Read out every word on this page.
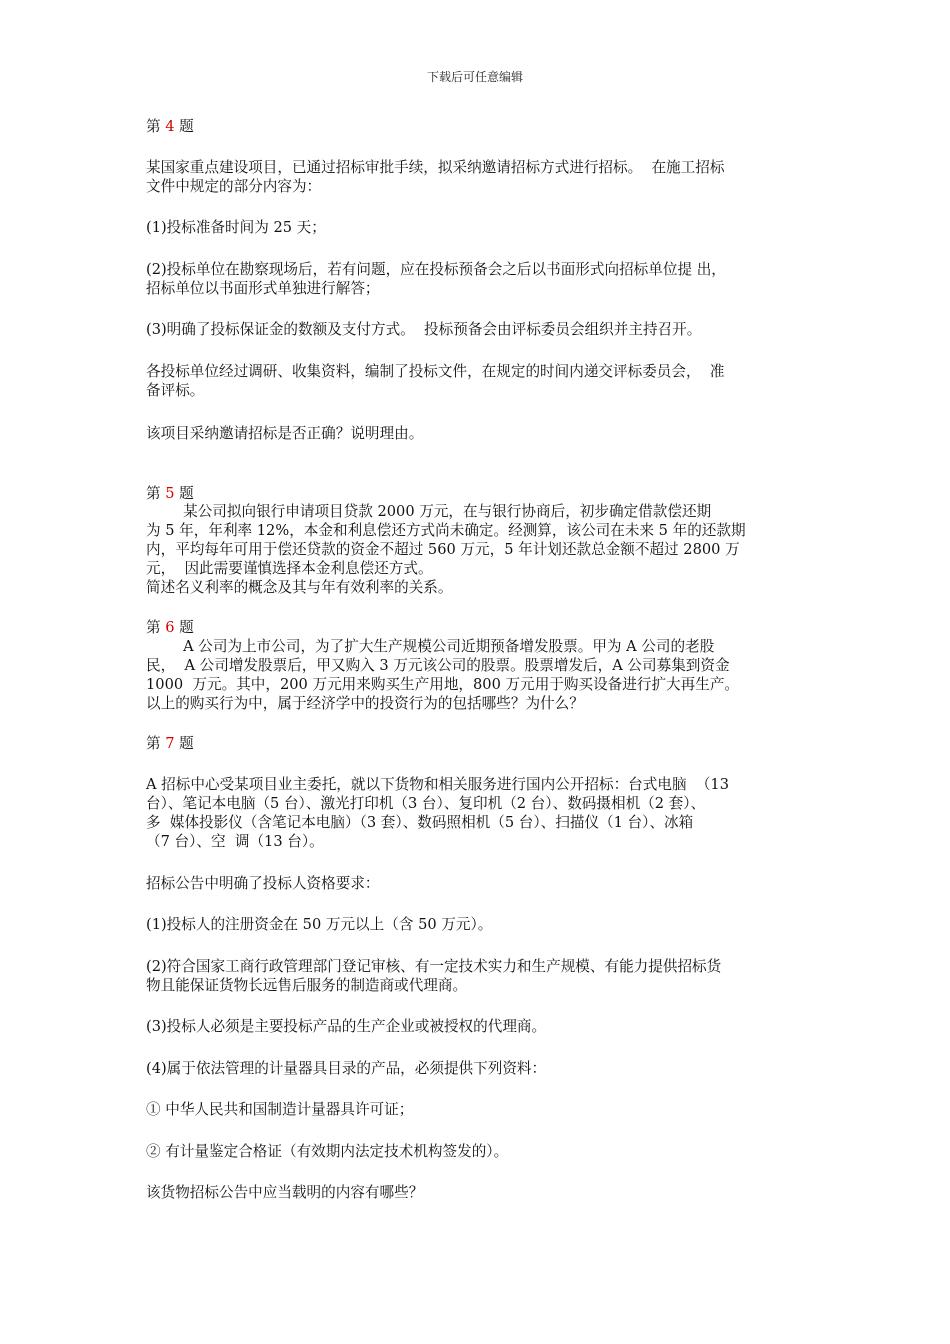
下载后可任意编辑
第 4 题
某国家重点建设项目，已通过招标审批手续，拟采纳邀请招标方式进行招标。  在施工招标
文件中规定的部分内容为：
(1)投标准备时间为 25 天；
(2)投标单位在勘察现场后，若有问题，应在投标预备会之后以书面形式向招标单位提 出，
招标单位以书面形式单独进行解答；
(3)明确了投标保证金的数额及支付方式。  投标预备会由评标委员会组织并主持召开。
各投标单位经过调研、收集资料，编制了投标文件，在规定的时间内递交评标委员会，  准
备评标。
该项目采纳邀请招标是否正确？说明理由。
第 5 题
某公司拟向银行申请项目贷款 2000 万元，在与银行协商后，初步确定借款偿还期
为 5 年，年利率 12%，本金和利息偿还方式尚未确定。经测算，该公司在未来 5 年的还款期
内，平均每年可用于偿还贷款的资金不超过 560 万元，5 年计划还款总金额不超过 2800 万
元，  因此需要谨慎选择本金利息偿还方式。
简述名义利率的概念及其与年有效利率的关系。
第 6 题
A 公司为上市公司，为了扩大生产规模公司近期预备增发股票。甲为 A 公司的老股
民，  A 公司增发股票后，甲又购入 3 万元该公司的股票。股票增发后，A 公司募集到资金
1000  万元。其中，200 万元用来购买生产用地，800 万元用于购买设备进行扩大再生产。
以上的购买行为中，属于经济学中的投资行为的包括哪些？为什么？
第 7 题
A 招标中心受某项目业主委托，就以下货物和相关服务进行国内公开招标：台式电脑  （13
台）、笔记本电脑（5 台）、激光打印机（3 台）、复印机（2 台）、数码摄相机（2 套）、
多  媒体投影仪（含笔记本电脑）（3 套）、数码照相机（5 台）、扫描仪（1 台）、冰箱
（7 台）、空  调（13 台）。
招标公告中明确了投标人资格要求：
(1)投标人的注册资金在 50 万元以上（含 50 万元）。
(2)符合国家工商行政管理部门登记审核、有一定技术实力和生产规模、有能力提供招标货
物且能保证货物长远售后服务的制造商或代理商。
(3)投标人必须是主要投标产品的生产企业或被授权的代理商。
(4)属于依法管理的计量器具目录的产品，必须提供下列资料：
① 中华人民共和国制造计量器具许可证；
② 有计量鉴定合格证（有效期内法定技术机构签发的）。
该货物招标公告中应当载明的内容有哪些？
